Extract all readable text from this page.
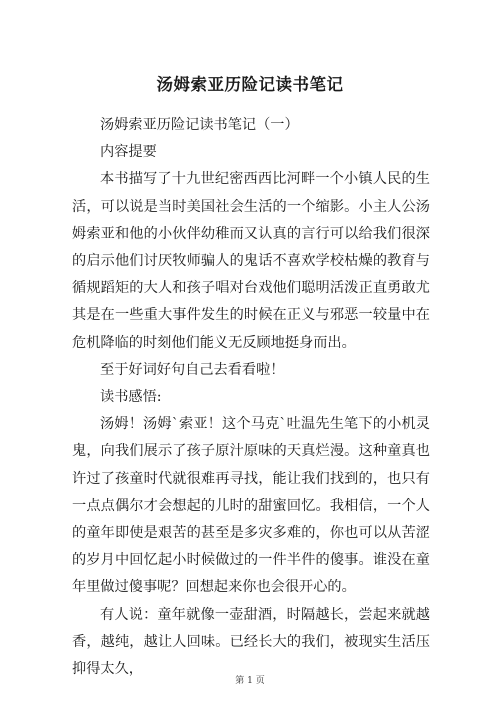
汤姆索亚历险记读书笔记

汤姆索亚历险记读书笔记（一）

内容提要

本书描写了十九世纪密西西比河畔一个小镇人民的生活，可以说是当时美国社会生活的一个缩影。小主人公汤姆索亚和他的小伙伴幼稚而又认真的言行可以给我们很深的启示他们讨厌牧师骗人的鬼话不喜欢学校枯燥的教育与循规蹈矩的大人和孩子唱对台戏他们聪明活泼正直勇敢尤其是在一些重大事件发生的时候在正义与邪恶一较量中在危机降临的时刻他们能义无反顾地挺身而出。

至于好词好句自己去看看啦！

读书感悟:

汤姆！汤姆`索亚！这个马克`吐温先生笔下的小机灵鬼，向我们展示了孩子原汁原味的天真烂漫。这种童真也许过了孩童时代就很难再寻找，能让我们找到的，也只有一点点偶尔才会想起的儿时的甜蜜回忆。我相信，一个人的童年即使是艰苦的甚至是多灾多难的，你也可以从苦涩的岁月中回忆起小时候做过的一件半件的傻事。谁没在童年里做过傻事呢？回想起来你也会很开心的。

有人说：童年就像一壶甜酒，时隔越长，尝起来就越香，越纯，越让人回味。已经长大的我们，被现实生活压抑得太久，

第 1 页
